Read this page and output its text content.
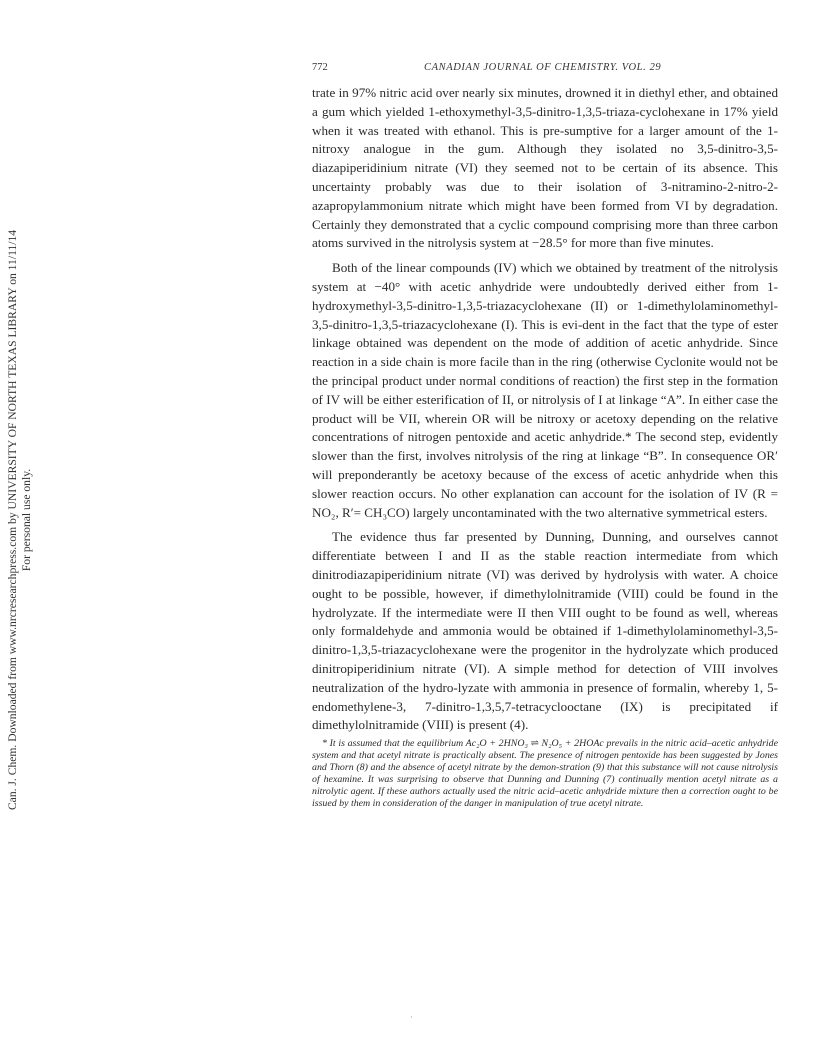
Can. J. Chem. Downloaded from www.nrcresearchpress.com by UNIVERSITY OF NORTH TEXAS LIBRARY on 11/11/14 For personal use only.
772	CANADIAN JOURNAL OF CHEMISTRY. VOL. 29

trate in 97% nitric acid over nearly six minutes, drowned it in diethyl ether, and obtained a gum which yielded 1-ethoxymethyl-3,5-dinitro-1,3,5-triaza-cyclohexane in 17% yield when it was treated with ethanol. This is pre-sumptive for a larger amount of the 1-nitroxy analogue in the gum. Although they isolated no 3,5-dinitro-3,5-diazapiperidinium nitrate (VI) they seemed not to be certain of its absence. This uncertainty probably was due to their isolation of 3-nitramino-2-nitro-2-azapropylammonium nitrate which might have been formed from VI by degradation. Certainly they demonstrated that a cyclic compound comprising more than three carbon atoms survived in the nitrolysis system at −28.5° for more than five minutes.

Both of the linear compounds (IV) which we obtained by treatment of the nitrolysis system at −40° with acetic anhydride were undoubtedly derived either from 1-hydroxymethyl-3,5-dinitro-1,3,5-triazacyclohexane (II) or 1-dimethylolaminomethyl-3,5-dinitro-1,3,5-triazacyclohexane (I). This is evi-dent in the fact that the type of ester linkage obtained was dependent on the mode of addition of acetic anhydride. Since reaction in a side chain is more facile than in the ring (otherwise Cyclonite would not be the principal product under normal conditions of reaction) the first step in the formation of IV will be either esterification of II, or nitrolysis of I at linkage “A”. In either case the product will be VII, wherein OR will be nitroxy or acetoxy depending on the relative concentrations of nitrogen pentoxide and acetic anhydride.* The second step, evidently slower than the first, involves nitrolysis of the ring at linkage “B”. In consequence OR′ will preponderantly be acetoxy because of the excess of acetic anhydride when this slower reaction occurs. No other explanation can account for the isolation of IV (R = NO₂, R′= CH₃CO) largely uncontaminated with the two alternative symmetrical esters.

The evidence thus far presented by Dunning, Dunning, and ourselves cannot differentiate between I and II as the stable reaction intermediate from which dinitrodiazapiperidinium nitrate (VI) was derived by hydrolysis with water. A choice ought to be possible, however, if dimethylolnitramide (VIII) could be found in the hydrolyzate. If the intermediate were II then VIII ought to be found as well, whereas only formaldehyde and ammonia would be obtained if 1-dimethylolaminomethyl-3,5-dinitro-1,3,5-triazacyclohexane were the progenitor in the hydrolyzate which produced dinitropiperidinium nitrate (VI). A simple method for detection of VIII involves neutralization of the hydro-lyzate with ammonia in presence of formalin, whereby 1, 5-endomethylene-3, 7-dinitro-1,3,5,7-tetracyclooctane (IX) is precipitated if dimethylolnitramide (VIII) is present (4).

* It is assumed that the equilibrium Ac₂O + 2HNO₃ ⇌ N₂O₅ + 2HOAc prevails in the nitric acid–acetic anhydride system and that acetyl nitrate is practically absent. The presence of nitrogen pentoxide has been suggested by Jones and Thorn (8) and the absence of acetyl nitrate by the demon-stration (9) that this substance will not cause nitrolysis of hexamine. It was surprising to observe that Dunning and Dunning (7) continually mention acetyl nitrate as a nitrolytic agent. If these authors actually used the nitric acid–acetic anhydride mixture then a correction ought to be issued by them in consideration of the danger in manipulation of true acetyl nitrate.
·
